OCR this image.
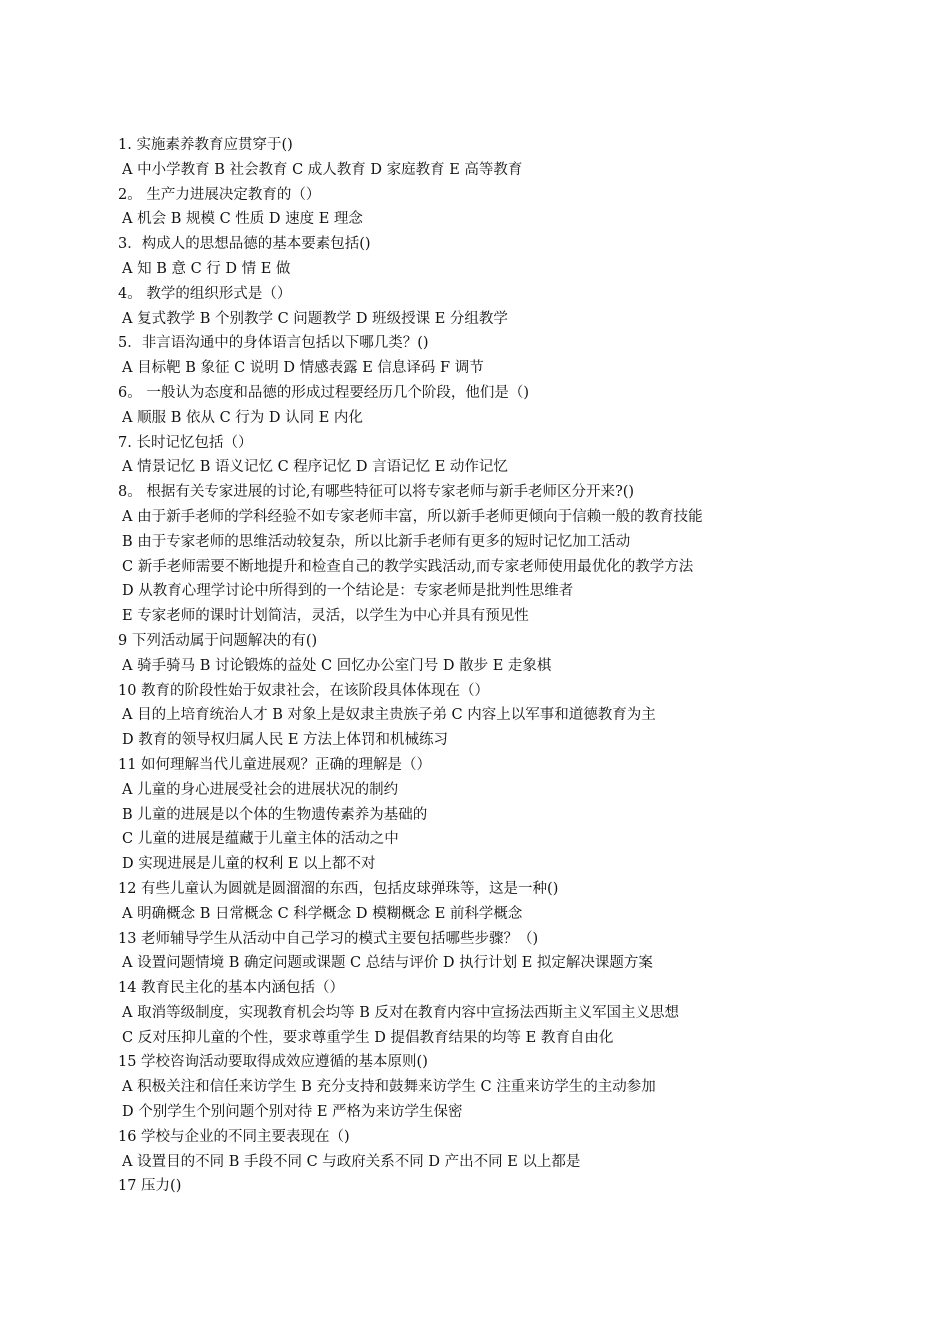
1. 实施素养教育应贯穿于()
A 中小学教育 B 社会教育 C 成人教育 D 家庭教育 E 高等教育
2。 生产力进展决定教育的（）
A 机会 B 规模 C 性质 D 速度 E 理念
3．构成人的思想品德的基本要素包括()
A 知 B 意 C 行 D 情 E 做
4。 教学的组织形式是（）
A 复式教学 B 个别教学 C 问题教学 D 班级授课 E 分组教学
5．非言语沟通中的身体语言包括以下哪几类？()
A 目标靶 B 象征 C 说明 D 情感表露 E 信息译码 F 调节
6。 一般认为态度和品德的形成过程要经历几个阶段，他们是（)
A 顺服 B 依从 C 行为 D 认同 E 内化
7. 长时记忆包括（）
A 情景记忆 B 语义记忆 C 程序记忆 D 言语记忆 E 动作记忆
8。 根据有关专家进展的讨论,有哪些特征可以将专家老师与新手老师区分开来?()
A 由于新手老师的学科经验不如专家老师丰富，所以新手老师更倾向于信赖一般的教育技能
B 由于专家老师的思维活动较复杂，所以比新手老师有更多的短时记忆加工活动
C 新手老师需要不断地提升和检查自己的教学实践活动,而专家老师使用最优化的教学方法
D 从教育心理学讨论中所得到的一个结论是：专家老师是批判性思维者
E 专家老师的课时计划简洁，灵活，以学生为中心并具有预见性
9 下列活动属于问题解决的有()
A 骑手骑马 B 讨论锻炼的益处 C 回忆办公室门号 D 散步 E 走象棋
10 教育的阶段性始于奴隶社会，在该阶段具体体现在（）
A 目的上培育统治人才 B 对象上是奴隶主贵族子弟 C 内容上以军事和道德教育为主
D 教育的领导权归属人民 E 方法上体罚和机械练习
11 如何理解当代儿童进展观？正确的理解是（）
A 儿童的身心进展受社会的进展状况的制约
B 儿童的进展是以个体的生物遗传素养为基础的
C 儿童的进展是蕴藏于儿童主体的活动之中
D 实现进展是儿童的权利 E 以上都不对
12 有些儿童认为圆就是圆溜溜的东西，包括皮球弹珠等，这是一种()
A 明确概念 B 日常概念 C 科学概念 D 模糊概念 E 前科学概念
13 老师辅导学生从活动中自己学习的模式主要包括哪些步骤？（)
A 设置问题情境 B 确定问题或课题 C 总结与评价 D 执行计划 E 拟定解决课题方案
14 教育民主化的基本内涵包括（）
A 取消等级制度，实现教育机会均等 B 反对在教育内容中宣扬法西斯主义军国主义思想
C 反对压抑儿童的个性，要求尊重学生 D 提倡教育结果的均等 E 教育自由化
15 学校咨询活动要取得成效应遵循的基本原则()
A 积极关注和信任来访学生 B 充分支持和鼓舞来访学生 C 注重来访学生的主动参加
D 个别学生个别问题个别对待 E 严格为来访学生保密
16 学校与企业的不同主要表现在（)
A 设置目的不同 B 手段不同 C 与政府关系不同 D 产出不同 E 以上都是
17 压力()
